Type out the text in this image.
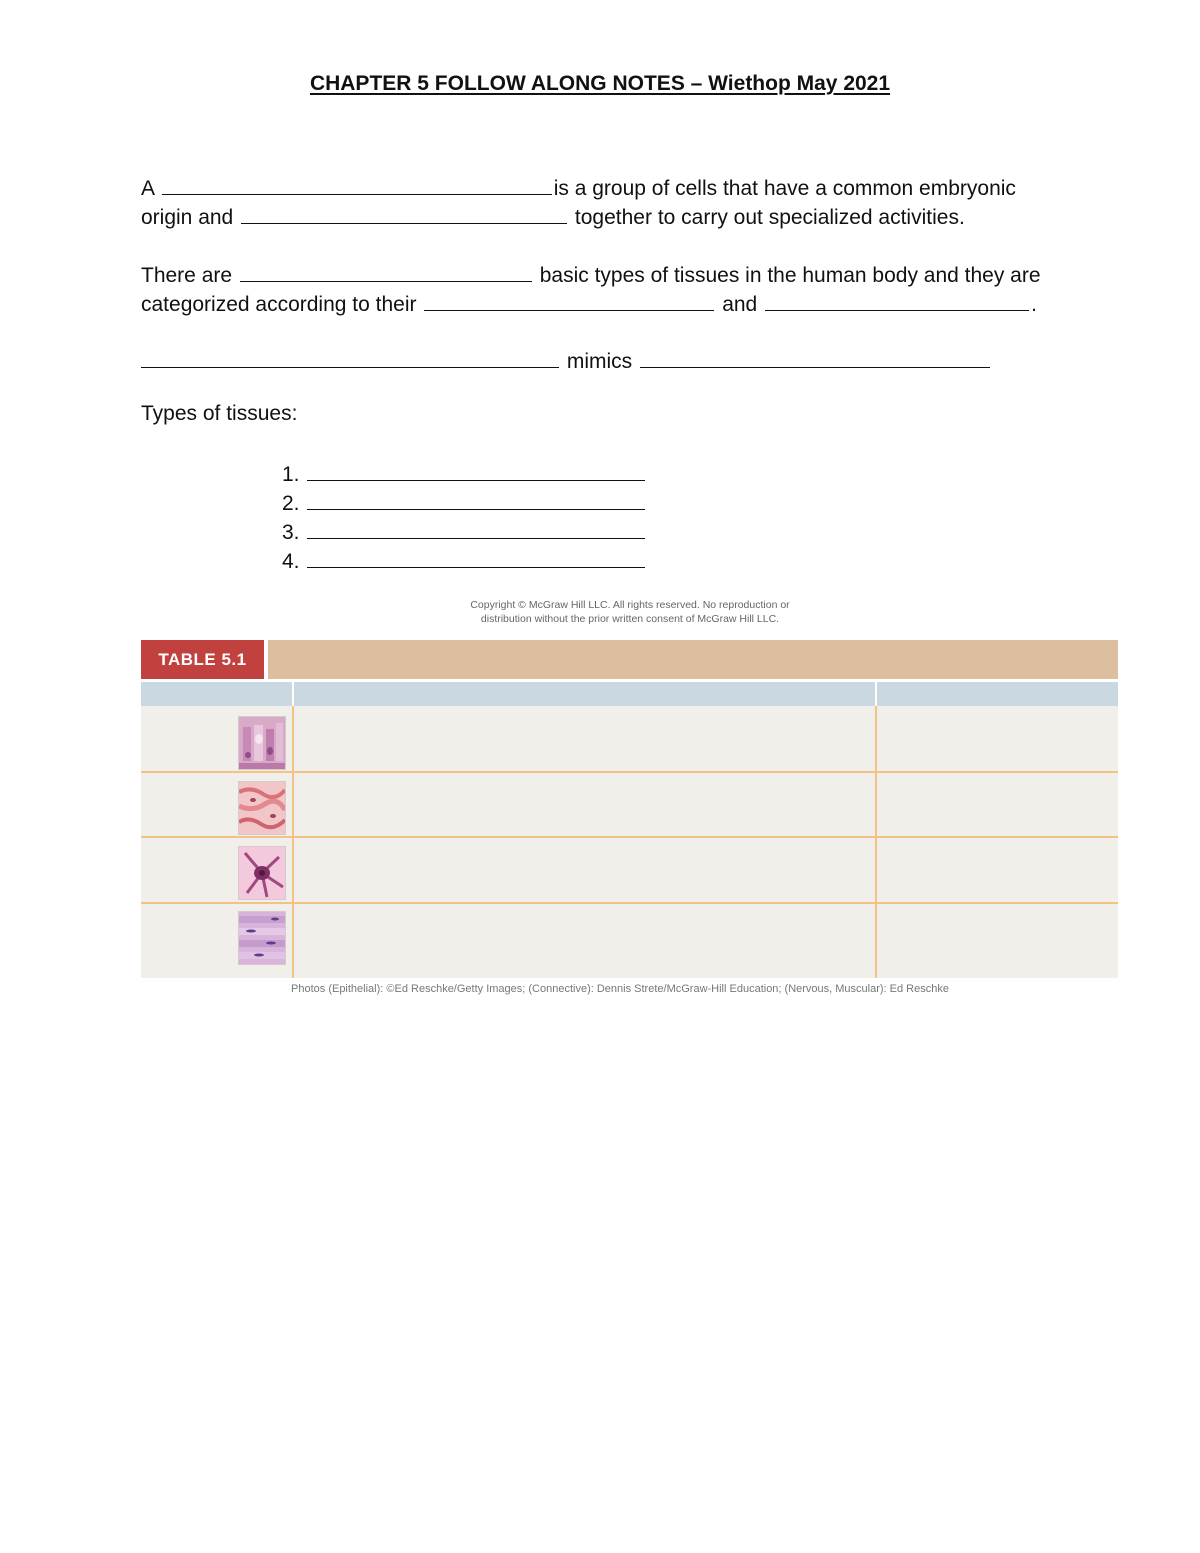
CHAPTER 5 FOLLOW ALONG NOTES – Wiethop May 2021
A	is a group of cells that have a common embryonic
origin and	together to carry out specialized activities.
There are	basic types of tissues in the human body and they are
categorized according to their	and	.
mimics
Types of tissues:
1.
2.
3.
4.
Copyright © McGraw Hill LLC. All rights reserved. No reproduction or
distribution without the prior written consent of McGraw Hill LLC.
TABLE 5.1
Photos (Epithelial): ©Ed Reschke/Getty Images; (Connective): Dennis Strete/McGraw-Hill Education; (Nervous, Muscular): Ed Reschke
